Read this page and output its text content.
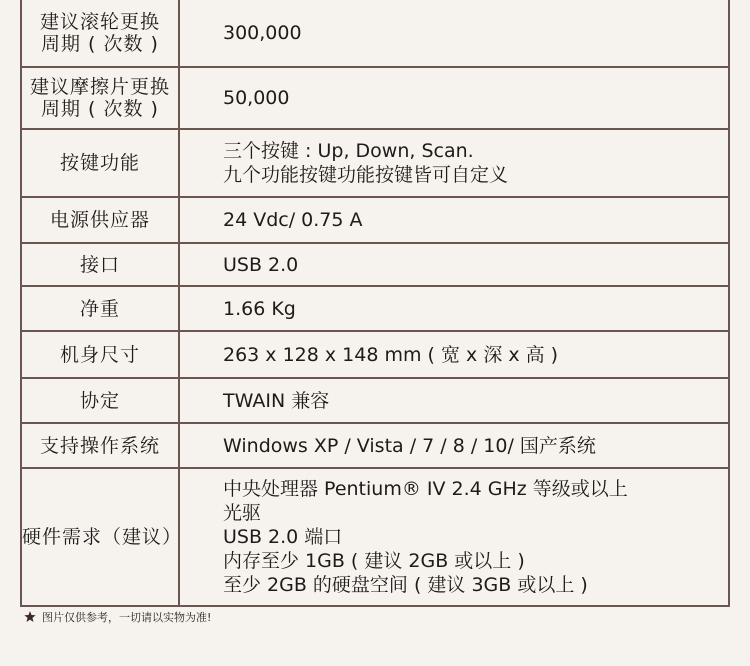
建议滚轮更换
周期 ( 次数 )	300,000

建议摩擦片更换
周期 ( 次数 )	50,000

按键功能	三个按键 : Up, Down, Scan.
九个功能按键功能按键皆可自定义

电源供应器	24 Vdc/ 0.75 A

接口	USB 2.0

净重	1.66 Kg

机身尺寸	263 x 128 x 148 mm ( 宽 x 深 x 高 )

协定	TWAIN 兼容

支持操作系统	Windows XP / Vista / 7 / 8 / 10/ 国产系统

硬件需求（建议）	中央处理器 Pentium® IV 2.4 GHz 等级或以上
光驱
USB 2.0 端口
内存至少 1GB ( 建议 2GB 或以上 )
至少 2GB 的硬盘空间 ( 建议 3GB 或以上 )
图片仅供参考，一切请以实物为准!
